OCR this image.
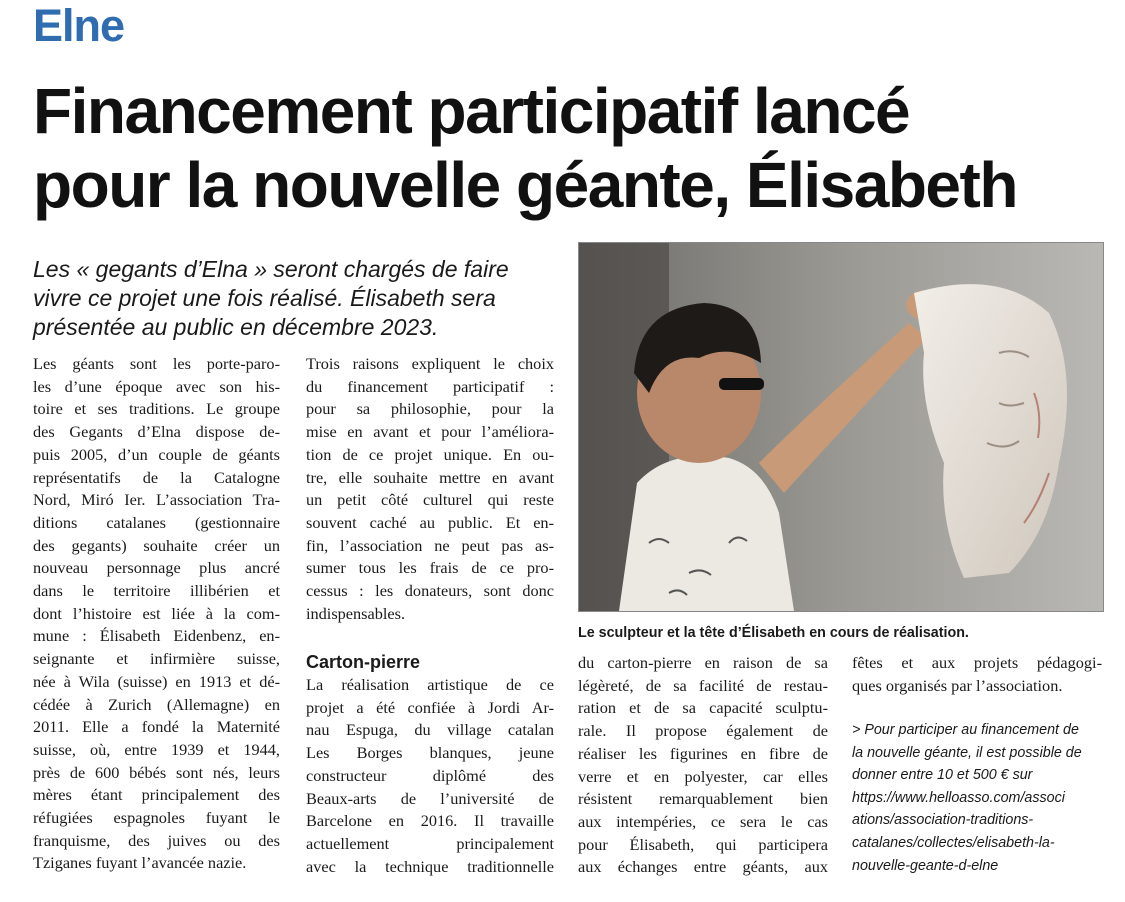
Elne
Financement participatif lancé
pour la nouvelle géante, Élisabeth
Les « gegants d’Elna » seront chargés de faire
vivre ce projet une fois réalisé. Élisabeth sera
présentée au public en décembre 2023.
Les géants sont les porte-paro-
les d’une époque avec son his-
toire et ses traditions. Le groupe
des Gegants d’Elna dispose de-
puis 2005, d’un couple de géants
représentatifs de la Catalogne
Nord, Miró Ier. L’association Tra-
ditions catalanes (gestionnaire
des gegants) souhaite créer un
nouveau personnage plus ancré
dans le territoire illibérien et
dont l’histoire est liée à la com-
mune : Élisabeth Eidenbenz, en-
seignante et infirmière suisse,
née à Wila (suisse) en 1913 et dé-
cédée à Zurich (Allemagne) en
2011. Elle a fondé la Maternité
suisse, où, entre 1939 et 1944,
près de 600 bébés sont nés, leurs
mères étant principalement des
réfugiées espagnoles fuyant le
franquisme, des juives ou des
Tziganes fuyant l’avancée nazie.
Trois raisons expliquent le choix
du financement participatif :
pour sa philosophie, pour la
mise en avant et pour l’améliora-
tion de ce projet unique. En ou-
tre, elle souhaite mettre en avant
un petit côté culturel qui reste
souvent caché au public. Et en-
fin, l’association ne peut pas as-
sumer tous les frais de ce pro-
cessus : les donateurs, sont donc
indispensables.
Carton-pierre
La réalisation artistique de ce
projet a été confiée à Jordi Ar-
nau Espuga, du village catalan
Les Borges blanques, jeune
constructeur diplômé des
Beaux-arts de l’université de
Barcelone en 2016. Il travaille
actuellement principalement
avec la technique traditionnelle
Le sculpteur et la tête d’Élisabeth en cours de réalisation.
du carton-pierre en raison de sa
légèreté, de sa facilité de restau-
ration et de sa capacité sculptu-
rale. Il propose également de
réaliser les figurines en fibre de
verre et en polyester, car elles
résistent remarquablement bien
aux intempéries, ce sera le cas
pour Élisabeth, qui participera
aux échanges entre géants, aux
fêtes et aux projets pédagogi-
ques organisés par l’association.
> Pour participer au financement de
la nouvelle géante, il est possible de
donner entre 10 et 500 € sur
https://www.helloasso.com/associ
ations/association-traditions-
catalanes/collectes/elisabeth-la-
nouvelle-geante-d-elne
